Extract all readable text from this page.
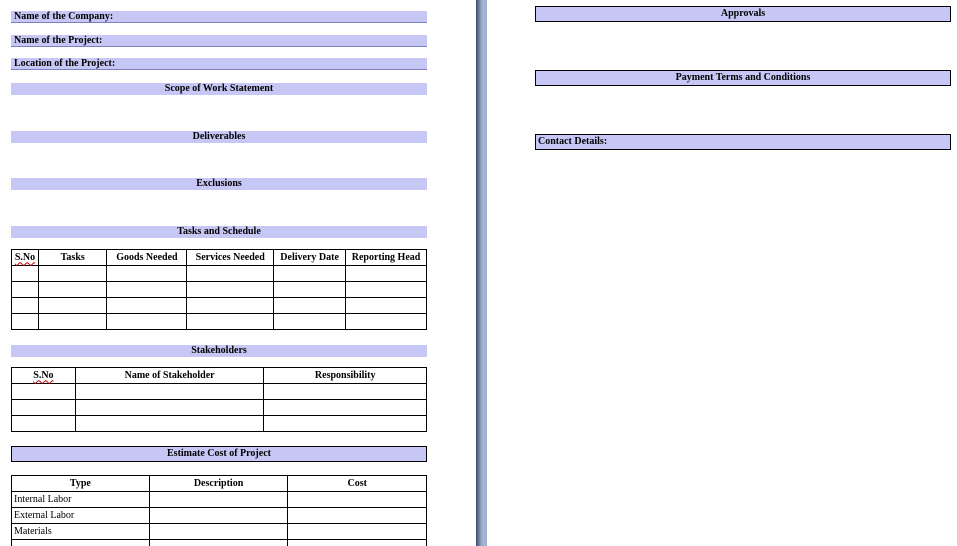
Name of the Company:
Name of the Project:
Location of the Project:
Scope of Work Statement
Deliverables
Exclusions
Tasks and Schedule
S.No	Tasks	Goods Needed	Services Needed	Delivery Date	Reporting Head

Stakeholders
S.No	Name of Stakeholder	Responsibility

Estimate Cost of Project
Type	Description	Cost
Internal Labor		
External Labor		
Materials		

Approvals
Payment Terms and Conditions
Contact Details:
